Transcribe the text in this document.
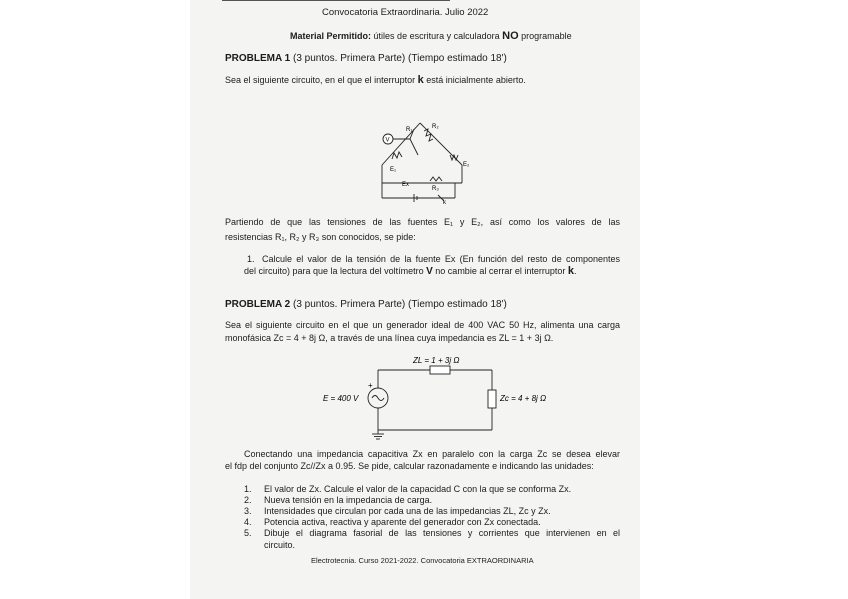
Convocatoria Extraordinaria. Julio 2022
Material Permitido: útiles de escritura y calculadora NO programable
PROBLEMA 1 (3 puntos. Primera Parte) (Tiempo estimado 18')
Sea el siguiente circuito, en el que el interruptor k está inicialmente abierto.
V
R₁	R₂
R₃
E₁
E₂
Ex
k
Partiendo de que las tensiones de las fuentes E₁ y E₂, así como los valores de las
resistencias R₁, R₂ y R₃ son conocidos, se pide:
1. Calcule el valor de la tensión de la fuente Ex (En función del resto de componentes
del circuito) para que la lectura del voltímetro V no cambie al cerrar el interruptor k.
PROBLEMA 2 (3 puntos. Primera Parte) (Tiempo estimado 18')
Sea el siguiente circuito en el que un generador ideal de 400 VAC 50 Hz, alimenta una carga
monofásica Zc = 4 + 8j Ω, a través de una línea cuya impedancia es ZL = 1 + 3j Ω.
+
ZL = 1 + 3j Ω
E = 400 V	Zc = 4 + 8j Ω
Conectando una impedancia capacitiva Zx en paralelo con la carga Zc se desea elevar
el fdp del conjunto Zc//Zx a 0.95. Se pide, calcular razonadamente e indicando las unidades:
1. El valor de Zx. Calcule el valor de la capacidad C con la que se conforma Zx.
2. Nueva tensión en la impedancia de carga.
3. Intensidades que circulan por cada una de las impedancias ZL, Zc y Zx.
4. Potencia activa, reactiva y aparente del generador con Zx conectada.
5. Dibuje el diagrama fasorial de las tensiones y corrientes que intervienen en el
circuito.
Electrotecnia. Curso 2021-2022. Convocatoria EXTRAORDINARIA
